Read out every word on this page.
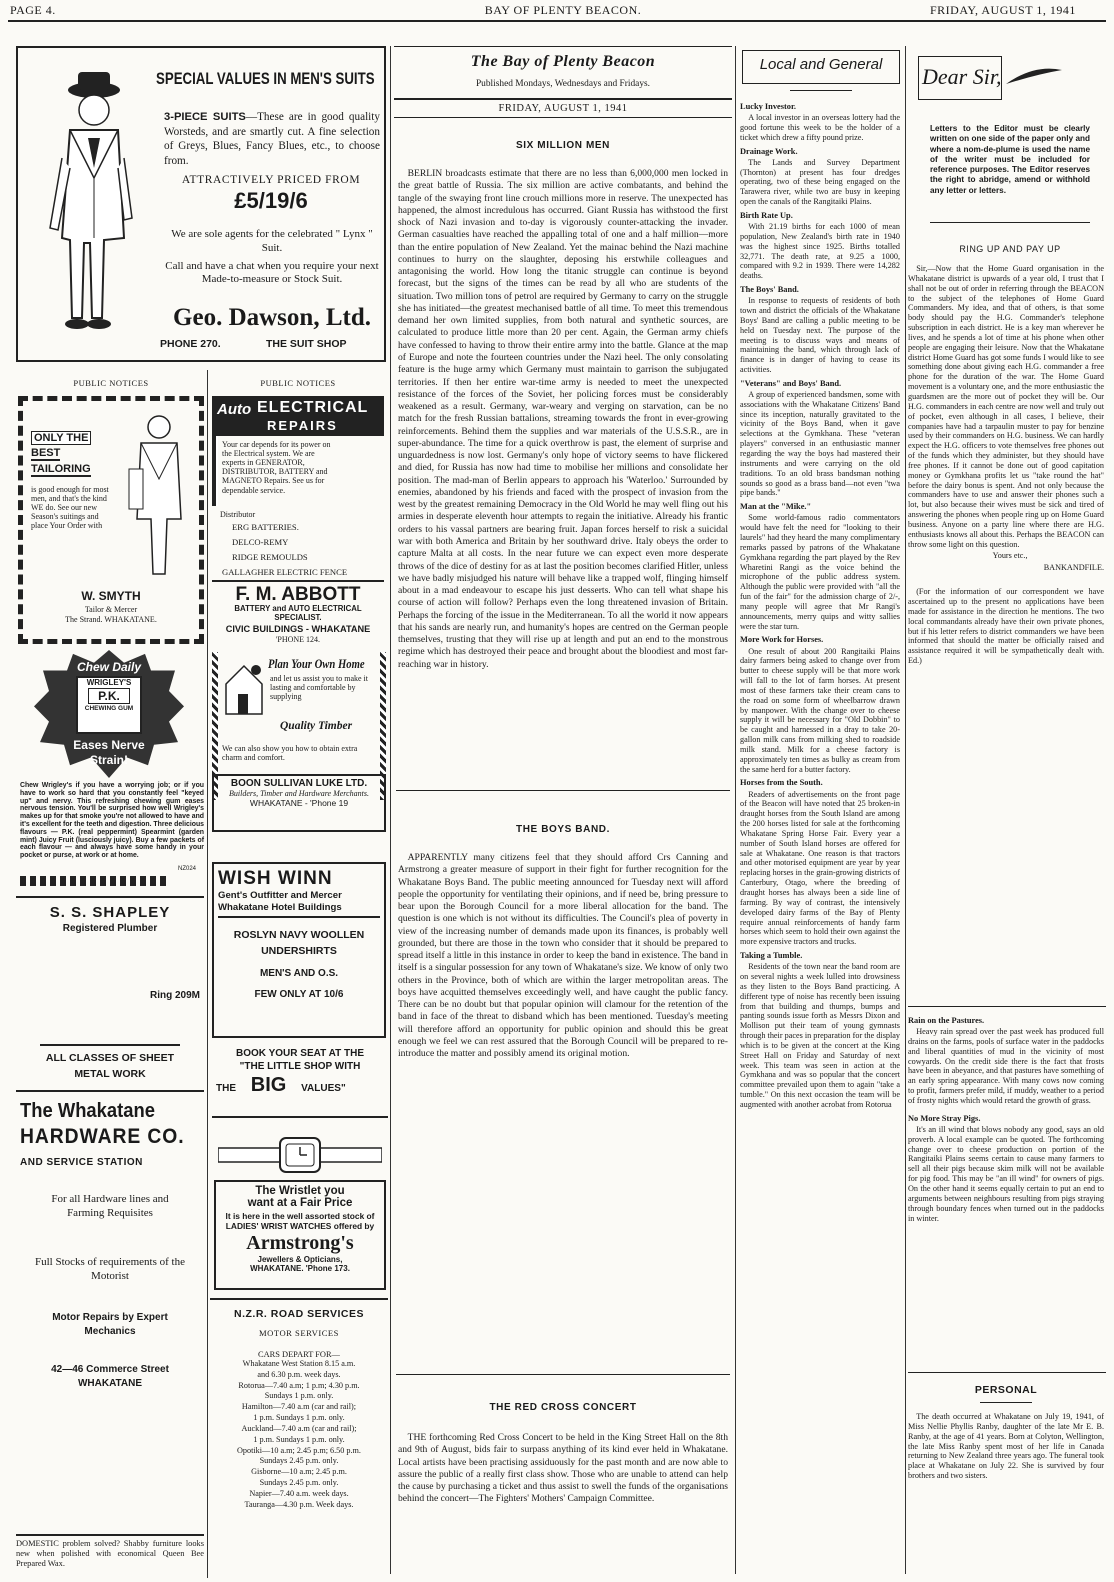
PAGE 4.	BAY OF PLENTY BEACON.	FRIDAY, AUGUST 1, 1941
SPECIAL VALUES IN MEN'S SUITS
3-PIECE SUITS—These are in good quality Worsteds, and are smartly cut. A fine selection of Greys, Blues, Fancy Blues, etc., to choose from.
ATTRACTIVELY PRICED FROM
£5/19/6
We are sole agents for the celebrated " Lynx " Suit.
Call and have a chat when you require your next Made-to-measure or Stock Suit.
Geo. Dawson, Ltd.
PHONE 270.	THE SUIT SHOP
PUBLIC NOTICES	PUBLIC NOTICES
ONLY THE
BEST
TAILORING
is good enough for most men, and that's the kind WE do. See our new Season's suitings and place Your Order with
W. SMYTH
Tailor & Mercer
The Strand. WHAKATANE.
Auto ELECTRICAL
REPAIRS
Your car depends for its power on the Electrical system. We are experts in GENERATOR, DISTRIBUTOR, BATTERY and MAGNETO Repairs. See us for dependable service.
Distributor
ERG BATTERIES.
DELCO-REMY
RIDGE REMOULDS
GALLAGHER ELECTRIC FENCE
F. M. ABBOTT
BATTERY and AUTO ELECTRICAL SPECIALIST.
CIVIC BUILDINGS - WHAKATANE
'PHONE 124.
Chew Daily
WRIGLEY'S
P.K.
CHEWING GUM
Eases Nerve
Strain!
Chew Wrigley's if you have a worrying job; or if you have to work so hard that you constantly feel "keyed up" and nervy. This refreshing chewing gum eases nervous tension. You'll be surprised how well Wrigley's makes up for that smoke you're not allowed to have and it's excellent for the teeth and digestion. Three delicious flavours — P.K. (real peppermint) Spearmint (garden mint) Juicy Fruit (lusciously juicy). Buy a few packets of each flavour — and always have some handy in your pocket or purse, at work or at home.
NZ024
Plan Your Own Home
and let us assist you to make it lasting and comfortable by supplying
Quality Timber
We can also show you how to obtain extra charm and comfort.
BOON SULLIVAN LUKE LTD.
Builders, Timber and Hardware Merchants.
WHAKATANE - 'Phone 19
WISH WINN
Gent's Outfitter and Mercer Whakatane Hotel Buildings
ROSLYN NAVY WOOLLEN UNDERSHIRTS
MEN'S AND O.S.
FEW ONLY AT 10/6
BOOK YOUR SEAT AT THE
"THE LITTLE SHOP WITH
THE BIG VALUES"
S. S. SHAPLEY
Registered Plumber
Ring 209M
ALL CLASSES OF SHEET METAL WORK
The Whakatane
HARDWARE CO.
AND SERVICE STATION
For all Hardware lines and Farming Requisites
Full Stocks of requirements of the Motorist
Motor Repairs by Expert Mechanics
42—46 Commerce Street
WHAKATANE
DOMESTIC problem solved? Shabby furniture looks new when polished with economical Queen Bee Prepared Wax.
The Wristlet you
want at a Fair Price
It is here in the well assorted stock of LADIES' WRIST WATCHES offered by
Armstrong's
Jewellers & Opticians,
WHAKATANE. 'Phone 173.
N.Z.R. ROAD SERVICES
MOTOR SERVICES
CARS DEPART FOR—
Whakatane West Station 8.15 a.m.
and 6.30 p.m. week days.
Rotorua—7.40 a.m; 1 p.m; 4.30 p.m.
Sundays 1 p.m. only.
Hamilton—7.40 a.m (car and rail);
1 p.m. Sundays 1 p.m. only.
Auckland—7.40 a.m (car and rail);
1 p.m. Sundays 1 p.m. only.
Opotiki—10 a.m; 2.45 p.m; 6.50 p.m.
Sundays 2.45 p.m. only.
Gisborne—10 a.m; 2.45 p.m.
Sundays 2.45 p.m. only.
Napier—7.40 a.m. week days.
Tauranga—4.30 p.m. Week days.
The Bay of Plenty Beacon
Published Mondays, Wednesdays and Fridays.
FRIDAY, AUGUST 1, 1941
SIX MILLION MEN
BERLIN broadcasts estimate that there are no less than 6,000,000 men locked in the great battle of Russia. The six million are active combatants, and behind the tangle of the swaying front line crouch millions more in reserve. The unexpected has happened, the almost incredulous has occurred. Giant Russia has withstood the first shock of Nazi invasion and to-day is vigorously counter-attacking the invader. German casualties have reached the appalling total of one and a half million—more than the entire population of New Zealand. Yet the mainac behind the Nazi machine continues to hurry on the slaughter, deposing his erstwhile colleagues and antagonising the world. How long the titanic struggle can continue is beyond forecast, but the signs of the times can be read by all who are students of the situation. Two million tons of petrol are required by Germany to carry on the struggle she has initiated—the greatest mechanised battle of all time. To meet this tremendous demand her own limited supplies, from both natural and synthetic sources, are calculated to produce little more than 20 per cent. Again, the German army chiefs have confessed to having to throw their entire army into the battle. Glance at the map of Europe and note the fourteen countries under the Nazi heel. The only consolating feature is the huge army which Germany must maintain to garrison the subjugated territories. If then her entire war-time army is needed to meet the unexpected resistance of the forces of the Soviet, her policing forces must be considerably weakened as a result. Germany, war-weary and verging on starvation, can be no match for the fresh Russian battalions, streaming towards the front in ever-growing reinforcements. Behind them the supplies and war materials of the U.S.S.R., are in super-abundance. The time for a quick overthrow is past, the element of surprise and unguardedness is now lost. Germany's only hope of victory seems to have flickered and died, for Russia has now had time to mobilise her millions and consolidate her position. The mad-man of Berlin appears to approach his 'Waterloo.' Surrounded by enemies, abandoned by his friends and faced with the prospect of invasion from the west by the greatest remaining Democracy in the Old World he may well fling out his armies in desperate eleventh hour attempts to regain the initiative. Already his frantic orders to his vassal partners are bearing fruit. Japan forces herself to risk a suicidal war with both America and Britain by her southward drive. Italy obeys the order to capture Malta at all costs. In the near future we can expect even more desperate throws of the dice of destiny for as at last the position becomes clarified Hitler, unless we have badly misjudged his nature will behave like a trapped wolf, flinging himself about in a mad endeavour to escape his just desserts. Who can tell what shape his course of action will follow? Perhaps even the long threatened invasion of Britain. Perhaps the forcing of the issue in the Mediterranean. To all the world it now appears that his sands are nearly run, and humanity's hopes are centred on the German people themselves, trusting that they will rise up at length and put an end to the monstrous regime which has destroyed their peace and brought about the bloodiest and most far-reaching war in history.
THE BOYS BAND.
APPARENTLY many citizens feel that they should afford Crs Canning and Armstrong a greater measure of support in their fight for further recognition for the Whakatane Boys Band. The public meeting announced for Tuesday next will afford people the opportunity for ventilating their opinions, and if need be, bring pressure to bear upon the Borough Council for a more liberal allocation for the band. The question is one which is not without its difficulties. The Council's plea of poverty in view of the increasing number of demands made upon its finances, is probably well grounded, but there are those in the town who consider that it should be prepared to spread itself a little in this instance in order to keep the band in existence. The band in itself is a singular possession for any town of Whakatane's size. We know of only two others in the Province, both of which are within the larger metropolitan areas. The boys have acquitted themselves exceedingly well, and have caught the public fancy. There can be no doubt but that popular opinion will clamour for the retention of the band in face of the threat to disband which has been mentioned. Tuesday's meeting will therefore afford an opportunity for public opinion and should this be great enough we feel we can rest assured that the Borough Council will be prepared to re-introduce the matter and possibly amend its original motion.
THE RED CROSS CONCERT
THE forthcoming Red Cross Concert to be held in the King Street Hall on the 8th and 9th of August, bids fair to surpass anything of its kind ever held in Whakatane. Local artists have been practising assiduously for the past month and are now able to assure the public of a really first class show. Those who are unable to attend can help the cause by purchasing a ticket and thus assist to swell the funds of the organisations behind the concert—The Fighters' Mothers' Campaign Committee.
Local and General
Lucky Investor.

A local investor in an overseas lottery had the good fortune this week to be the holder of a ticket which drew a fifty pound prize.

Drainage Work.

The Lands and Survey Department (Thornton) at present has four dredges operating, two of these being engaged on the Tarawera river, while two are busy in keeping open the canals of the Rangitaiki Plains.

Birth Rate Up.

With 21.19 births for each 1000 of mean population, New Zealand's birth rate in 1940 was the highest since 1925. Births totalled 32,771. The death rate, at 9.25 a 1000, compared with 9.2 in 1939. There were 14,282 deaths.

The Boys' Band.

In response to requests of residents of both town and district the officials of the Whakatane Boys' Band are calling a public meeting to be held on Tuesday next. The purpose of the meeting is to discuss ways and means of maintaining the band, which through lack of finance is in danger of having to cease its activities.

"Veterans" and Boys' Band.

A group of experienced bandsmen, some with associations with the Whakatane Citizens' Band since its inception, naturally gravitated to the vicinity of the Boys Band, when it gave selections at the Gymkhana. These "veteran players" conversed in an enthusiastic manner regarding the way the boys had mastered their instruments and were carrying on the old traditions. To an old brass bandsman nothing sounds so good as a brass band—not even "twa pipe bands."

Man at the "Mike."

Some world-famous radio commentators would have felt the need for "looking to their laurels" had they heard the many complimentary remarks passed by patrons of the Whakatane Gymkhana regarding the part played by the Rev Wharetini Rangi as the voice behind the microphone of the public address system. Although the public were provided with "all the fun of the fair" for the admission charge of 2/-, many people will agree that Mr Rangi's announcements, merry quips and witty sallies were the star turn.

More Work for Horses.

One result of about 200 Rangitaiki Plains dairy farmers being asked to change over from butter to cheese supply will be that more work will fall to the lot of farm horses. At present most of these farmers take their cream cans to the road on some form of wheelbarrow drawn by manpower. With the change over to cheese supply it will be necessary for "Old Dobbin" to be caught and harnessed in a dray to take 20-gallon milk cans from milking shed to roadside milk stand. Milk for a cheese factory is approximately ten times as bulky as cream from the same herd for a butter factory.

Horses from the South.

Readers of advertisements on the front page of the Beacon will have noted that 25 broken-in draught horses from the South Island are among the 200 horses listed for sale at the forthcoming Whakatane Spring Horse Fair. Every year a number of South Island horses are offered for sale at Whakatane. One reason is that tractors and other motorised equipment are year by year replacing horses in the grain-growing districts of Canterbury, Otago, where the breeding of draught horses has always been a side line of farming. By way of contrast, the intensively developed dairy farms of the Bay of Plenty require annual reinforcements of handy farm horses which seem to hold their own against the more expensive tractors and trucks.

Taking a Tumble.

Residents of the town near the band room are on several nights a week lulled into drowsiness as they listen to the Boys Band practicing. A different type of noise has recently been issuing from that building and thumps, bumps and panting sounds issue forth as Messrs Dixon and Mollison put their team of young gymnasts through their paces in preparation for the display which is to be given at the concert at the King Street Hall on Friday and Saturday of next week. This team was seen in action at the Gymkhana and was so popular that the concert committee prevailed upon them to again "take a tumble." On this next occasion the team will be augmented with another acrobat from Rotorua

Dear Sir,
Letters to the Editor must be clearly written on one side of the paper only and where a nom-de-plume is used the name of the writer must be included for reference purposes. The Editor reserves the right to abridge, amend or withhold any letter or letters.
RING UP AND PAY UP

Sir,—Now that the Home Guard organisation in the Whakatane district is upwards of a year old, I trust that I shall not be out of order in referring through the BEACON to the subject of the telephones of Home Guard Commanders. My idea, and that of others, is that some body should pay the H.G. Commander's telephone subscription in each district. He is a key man wherever he lives, and he spends a lot of time at his phone when other people are engaging their leisure. Now that the Whakatane district Home Guard has got some funds I would like to see something done about giving each H.G. commander a free phone for the duration of the war. The Home Guard movement is a voluntary one, and the more enthusiastic the guardsmen are the more out of pocket they will be. Our H.G. commanders in each centre are now well and truly out of pocket, even although in all cases, I believe, their companies have had a tarpaulin muster to pay for benzine used by their commanders on H.G. business. We can hardly expect the H.G. officers to vote themselves free phones out of the funds which they administer, but they should have free phones. If it cannot be done out of good capitation money or Gymkhana profits let us "take round the hat" before the dairy bonus is spent. And not only because the commanders have to use and answer their phones such a lot, but also because their wives must be sick and tired of answering the phones when people ring up on Home Guard business. Anyone on a party line where there are H.G. enthusiasts knows all about this. Perhaps the BEACON can throw some light on this question.

Yours etc.,

BANKANDFILE.

(For the information of our correspondent we have ascertained up to the present no applications have been made for assistance in the direction he mentions. The two local commandants already have their own private phones, but if his letter refers to district commanders we have been informed that should the matter be officially raised and assistance required it will be sympathetically dealt with. Ed.)

Rain on the Pastures.

Heavy rain spread over the past week has produced full drains on the farms, pools of surface water in the paddocks and liberal quantities of mud in the vicinity of most cowyards. On the credit side there is the fact that frosts have been in abeyance, and that pastures have something of an early spring appearance. With many cows now coming to profit, farmers prefer mild, if muddy, weather to a period of frosty nights which would retard the growth of grass.

No More Stray Pigs.

It's an ill wind that blows nobody any good, says an old proverb. A local example can be quoted. The forthcoming change over to cheese production on portion of the Rangitaiki Plains seems certain to cause many farmers to sell all their pigs because skim milk will not be available for pig food. This may be "an ill wind" for owners of pigs. On the other hand it seems equally certain to put an end to arguments between neighbours resulting from pigs straying through boundary fences when turned out in the paddocks in winter.

PERSONAL

The death occurred at Whakatane on July 19, 1941, of Miss Nellie Phyllis Ranby, daughter of the late Mr E. B. Ranby, at the age of 41 years. Born at Colyton, Wellington, the late Miss Ranby spent most of her life in Canada returning to New Zealand three years ago. The funeral took place at Whakatane on July 22. She is survived by four brothers and two sisters.
